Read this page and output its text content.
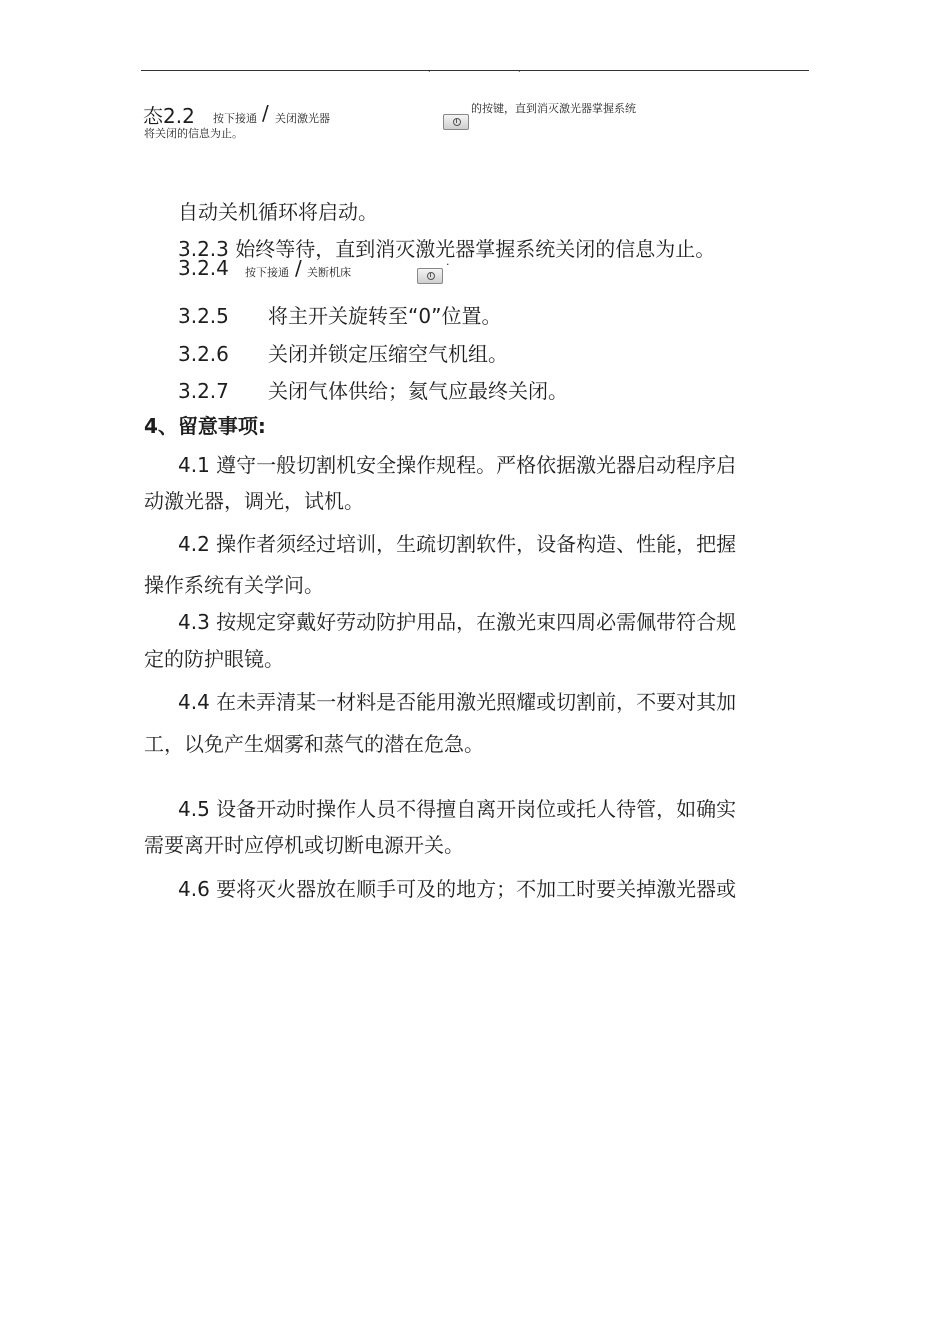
.	.
态2.2 按下接通 / 关闭激光器
的按键，直到消灭激光器掌握系统
将关闭的信息为止。
自动关机循环将启动。
3.2.3 始终等待，直到消灭激光器掌握系统关闭的信息为止。
3.2.4 按下接通 / 关断机床
·
3.2.5 将主开关旋转至“0”位置。
3.2.6 关闭并锁定压缩空气机组。
3.2.7 关闭气体供给；氦气应最终关闭。
4、留意事项:
4.1 遵守一般切割机安全操作规程。严格依据激光器启动程序启
动激光器，调光，试机。
4.2 操作者须经过培训，生疏切割软件，设备构造、性能，把握
操作系统有关学问。
4.3 按规定穿戴好劳动防护用品，在激光束四周必需佩带符合规
定的防护眼镜。
4.4 在未弄清某一材料是否能用激光照耀或切割前，不要对其加
工，以免产生烟雾和蒸气的潜在危急。
4.5 设备开动时操作人员不得擅自离开岗位或托人待管，如确实
需要离开时应停机或切断电源开关。
4.6 要将灭火器放在顺手可及的地方；不加工时要关掉激光器或
